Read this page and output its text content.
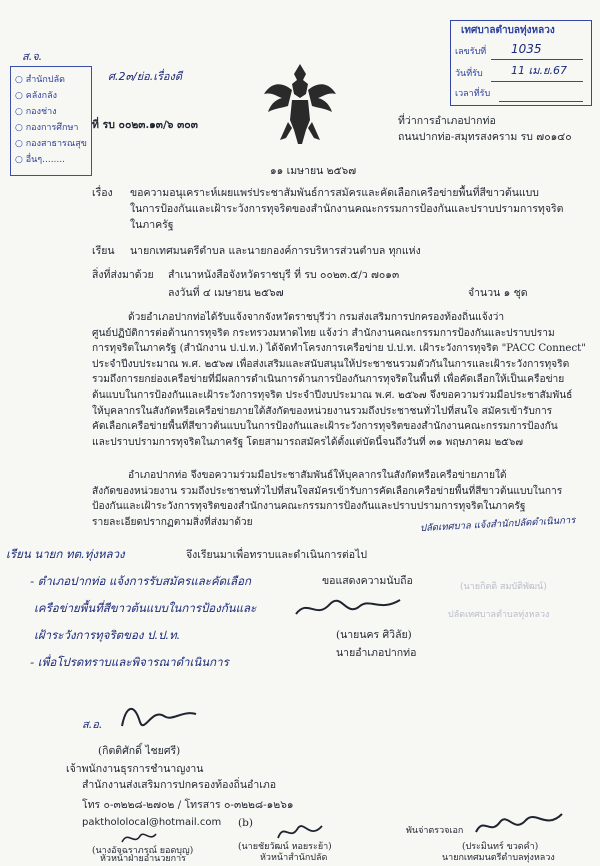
ส.จ.
ศ.2๓/ย่อ.เรื่องดี
○ สำนักปลัด
○ คลังกลัง
○ กองช่าง
○ กองการศึกษา
○ กองสาธารณสุข
○ อื่นๆ........
ที่ รบ ๐๐๒๓.๑๓/๖ ๓๐๓
เทศบาลตำบลทุ่งหลวง
เลขรับที่ 1035
วันที่รับ	11 เม.ย.67
เวลาที่รับ
ที่ว่าการอำเภอปากท่อ
ถนนปากท่อ-สมุทรสงคราม รบ ๗๐๑๔๐
๑๑ เมษายน ๒๕๖๗
เรื่อง ขอความอนุเคราะห์เผยแพร่ประชาสัมพันธ์การสมัครและคัดเลือกเครือข่ายพื้นที่สีขาวต้นแบบ
ในการป้องกันและเฝ้าระวังการทุจริตของสำนักงานคณะกรรมการป้องกันและปราบปรามการทุจริต
ในภาครัฐ
เรียน นายกเทศมนตรีตำบล และนายกองค์การบริหารส่วนตำบล ทุกแห่ง
สิ่งที่ส่งมาด้วย สำเนาหนังสือจังหวัดราชบุรี ที่ รบ ๐๐๒๓.๕/ว ๗๐๑๓
ลงวันที่ ๔ เมษายน ๒๕๖๗	จำนวน ๑ ชุด
ด้วยอำเภอปากท่อได้รับแจ้งจากจังหวัดราชบุรีว่า กรมส่งเสริมการปกครองท้องถิ่นแจ้งว่า
ศูนย์ปฏิบัติการต่อต้านการทุจริต กระทรวงมหาดไทย แจ้งว่า สำนักงานคณะกรรมการป้องกันและปราบปราม
การทุจริตในภาครัฐ (สำนักงาน ป.ป.ท.) ได้จัดทำโครงการเครือข่าย ป.ป.ท. เฝ้าระวังการทุจริต "PACC Connect"
ประจำปีงบประมาณ พ.ศ. ๒๕๖๗ เพื่อส่งเสริมและสนับสนุนให้ประชาชนรวมตัวกันในการและเฝ้าระวังการทุจริต
รวมถึงการยกย่องเครือข่ายที่มีผลการดำเนินการด้านการป้องกันการทุจริตในพื้นที่ เพื่อคัดเลือกให้เป็นเครือข่าย
ต้นแบบในการป้องกันและเฝ้าระวังการทุจริต ประจำปีงบประมาณ พ.ศ. ๒๕๖๗ จึงขอความร่วมมือประชาสัมพันธ์
ให้บุคลากรในสังกัดหรือเครือข่ายภายใต้สังกัดของหน่วยงานรวมถึงประชาชนทั่วไปที่สนใจ สมัครเข้ารับการ
คัดเลือกเครือข่ายพื้นที่สีขาวต้นแบบในการป้องกันและเฝ้าระวังการทุจริตของสำนักงานคณะกรรมการป้องกัน
และปราบปรามการทุจริตในภาครัฐ โดยสามารถสมัครได้ตั้งแต่บัดนี้จนถึงวันที่ ๓๑ พฤษภาคม ๒๕๖๗
อำเภอปากท่อ จึงขอความร่วมมือประชาสัมพันธ์ให้บุคลากรในสังกัดหรือเครือข่ายภายใต้
สังกัดของหน่วยงาน รวมถึงประชาชนทั่วไปที่สนใจสมัครเข้ารับการคัดเลือกเครือข่ายพื้นที่สีขาวต้นแบบในการ
ป้องกันและเฝ้าระวังการทุจริตของสำนักงานคณะกรรมการป้องกันและปราบปรามการทุจริตในภาครัฐ
รายละเอียดปรากฏตามสิ่งที่ส่งมาด้วย	ปลัดเทศบาล แจ้งสำนักปลัดดำเนินการ
เรียน นายก ทต.ทุ่งหลวง	จึงเรียนมาเพื่อทราบและดำเนินการต่อไป
- ตำเภอปากท่อ แจ้งการรับสมัครและคัดเลือก
เครือข่ายพื้นที่สีขาวต้นแบบในการป้องกันและ
เฝ้าระวังการทุจริตของ ป.ป.ท.
- เพื่อโปรดทราบและพิจารณาดำเนินการ
ขอแสดงความนับถือ
(นายนคร ศิวิลัย)
นายอำเภอปากท่อ
(นายกิตติ สมบัติพัฒน์)
ปลัดเทศบาลตำบลทุ่งหลวง
ส.อ.
(กิตติศักดิ์ ไชยศรี)
เจ้าพนักงานธุรการชำนาญงาน
สำนักงานส่งเสริมการปกครองท้องถิ่นอำเภอ
โทร ๐-๓๒๒๘-๒๗๐๒ / โทรสาร ๐-๓๒๒๘-๑๒๖๑
pakthololocal@hotmail.com (b)
(นางอัจฉราภรณ์ ยอดบุญ)
หัวหน้าฝ่ายอำนวยการ
(นายชัยวัฒน์ หอยระย้า)
หัวหน้าสำนักปลัด
พันจ่าตรวจเอก
(ประมินทร์ ขวดคำ)
นายกเทศมนตรีตำบลทุ่งหลวง
